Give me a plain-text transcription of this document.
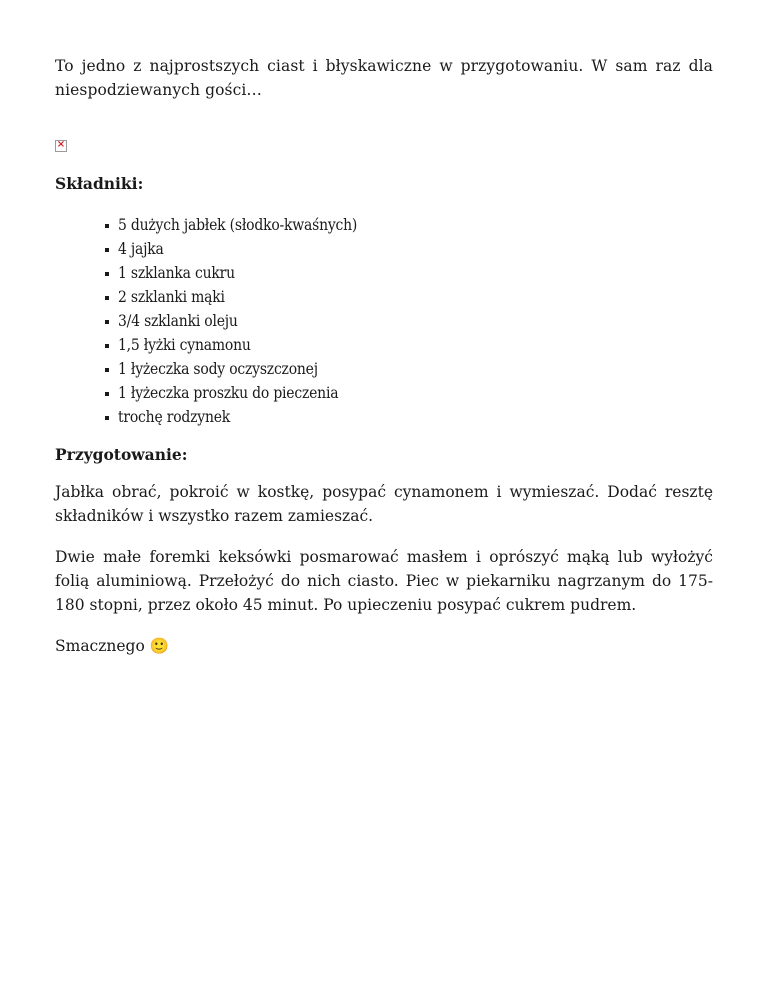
To jedno z najprostszych ciast i błyskawiczne w przygotowaniu. W sam raz dla niespodziewanych gości…

×

Składniki:

5 dużych jabłek (słodko-kwaśnych)
4 jajka
1 szklanka cukru
2 szklanki mąki
3/4 szklanki oleju
1,5 łyżki cynamonu
1 łyżeczka sody oczyszczonej
1 łyżeczka proszku do pieczenia
trochę rodzynek

Przygotowanie:

Jabłka obrać, pokroić w kostkę, posypać cynamonem i wymieszać. Dodać resztę składników i wszystko razem zamieszać.

Dwie małe foremki keksówki posmarować masłem i oprószyć mąką lub wyłożyć folią aluminiową. Przełożyć do nich ciasto. Piec w piekarniku nagrzanym do 175-180 stopni, przez około 45 minut. Po upieczeniu posypać cukrem pudrem.

Smacznego 🙂
